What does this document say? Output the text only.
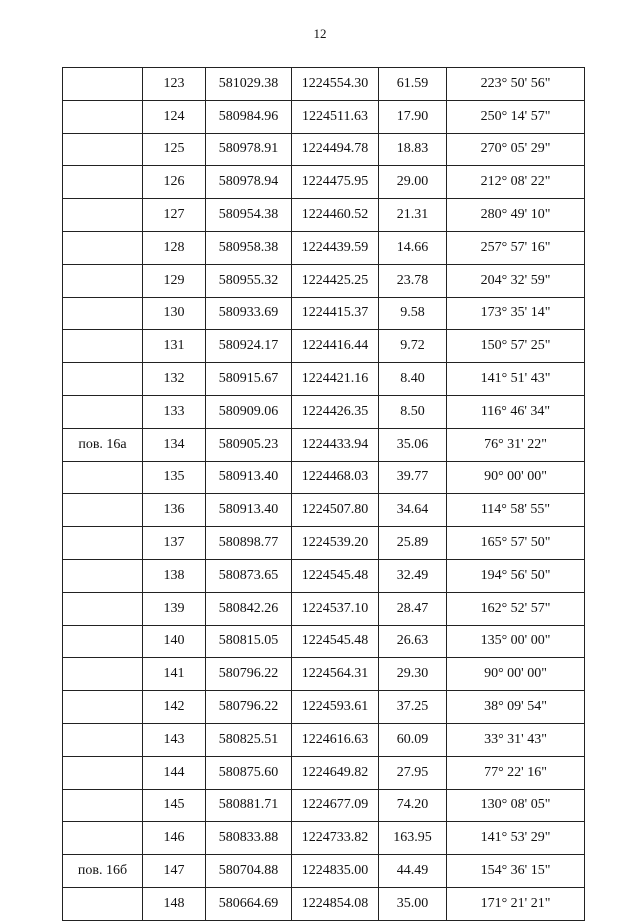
12
	123	581029.38	1224554.30	61.59	223° 50' 56"
	124	580984.96	1224511.63	17.90	250° 14' 57"
	125	580978.91	1224494.78	18.83	270° 05' 29"
	126	580978.94	1224475.95	29.00	212° 08' 22"
	127	580954.38	1224460.52	21.31	280° 49' 10"
	128	580958.38	1224439.59	14.66	257° 57' 16"
	129	580955.32	1224425.25	23.78	204° 32' 59"
	130	580933.69	1224415.37	9.58	173° 35' 14"
	131	580924.17	1224416.44	9.72	150° 57' 25"
	132	580915.67	1224421.16	8.40	141° 51' 43"
	133	580909.06	1224426.35	8.50	116° 46' 34"
пов. 16а	134	580905.23	1224433.94	35.06	76° 31' 22"
	135	580913.40	1224468.03	39.77	90° 00' 00"
	136	580913.40	1224507.80	34.64	114° 58' 55"
	137	580898.77	1224539.20	25.89	165° 57' 50"
	138	580873.65	1224545.48	32.49	194° 56' 50"
	139	580842.26	1224537.10	28.47	162° 52' 57"
	140	580815.05	1224545.48	26.63	135° 00' 00"
	141	580796.22	1224564.31	29.30	90° 00' 00"
	142	580796.22	1224593.61	37.25	38° 09' 54"
	143	580825.51	1224616.63	60.09	33° 31' 43"
	144	580875.60	1224649.82	27.95	77° 22' 16"
	145	580881.71	1224677.09	74.20	130° 08' 05"
	146	580833.88	1224733.82	163.95	141° 53' 29"
пов. 16б	147	580704.88	1224835.00	44.49	154° 36' 15"
	148	580664.69	1224854.08	35.00	171° 21' 21"
